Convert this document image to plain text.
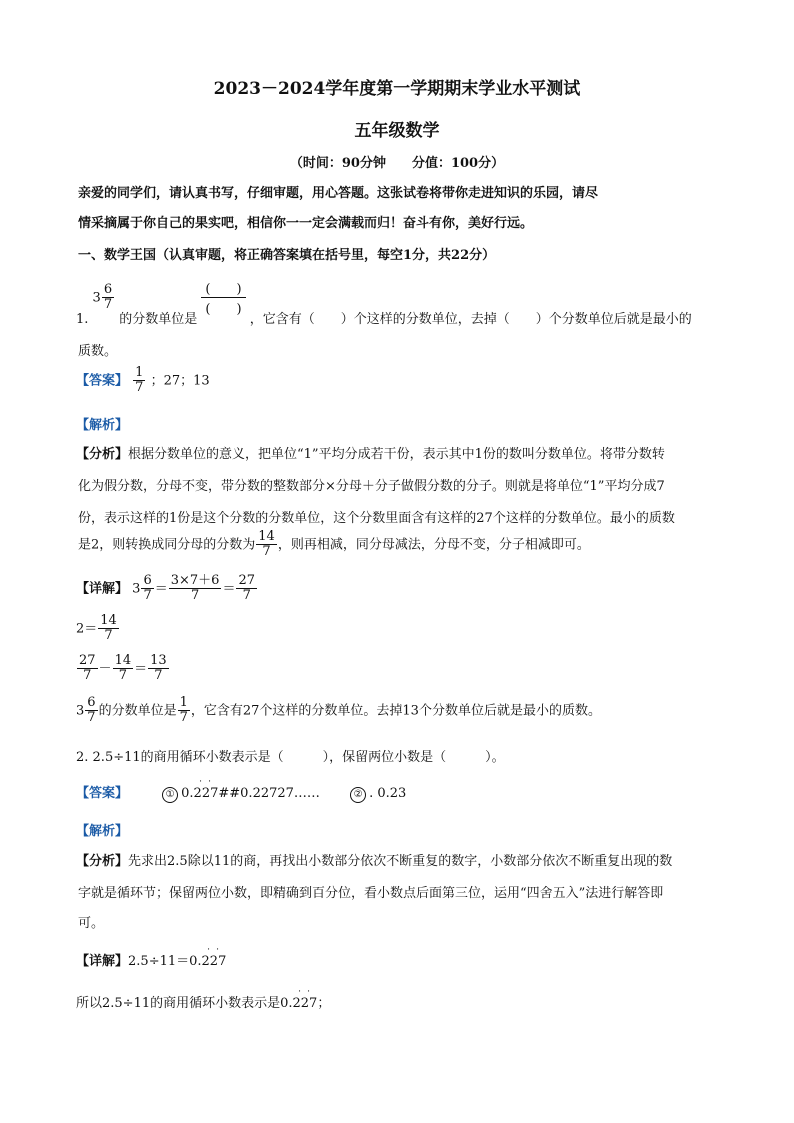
2023－2024学年度第一学期期末学业水平测试
五年级数学
（时间：90分钟　　分值：100分）
亲爱的同学们，请认真书写，仔细审题，用心答题。这张试卷将带你走进知识的乐园，请尽
情采摘属于你自己的果实吧，相信你一一定会满载而归！奋斗有你，美好行远。
一、数学王国（认真审题，将正确答案填在括号里，每空1分，共22分）
1. $3 \frac{6}{7}$
的分数单位是
(　　)
(　　)
，它含有（　　）个这样的分数单位，去掉（　　）个分数单位后就是最小的
质数。
【答案】 $\frac{1}{7}$ ；27；13
【解析】
【分析】根据分数单位的意义，把单位“1”平均分成若干份，表示其中1份的数叫分数单位。将带分数转
化为假分数，分母不变，带分数的整数部分×分母＋分子做假分数的分子。则就是将单位“1”平均分成7
份，表示这样的1份是这个分数的分数单位，这个分数里面含有这样的27个这样的分数单位。最小的质数
是2，则转换成同分母的分数为 $\frac{14}{7}$ ，则再相减，同分母减法，分母不变，分子相减即可。
【详解】 $3 \frac{6}{7} = \frac{3\times 7+6}{7} = \frac{27}{7}$
$2= \frac{14}{7}$
$\frac{27}{7} - \frac{14}{7} = \frac{13}{7}$
$3 \frac{6}{7}$ 的分数单位是 $\frac{1}{7}$ ，它含有27个这样的分数单位。去掉13个分数单位后就是最小的质数。
2. 2.5÷11的商用循环小数表示是（　　　），保留两位小数是（　　　）。
【答案】	① 0.227
· ·
##0.22727……	② . 0.23
【解析】
【分析】先求出2.5除以11的商，再找出小数部分依次不断重复的数字，小数部分依次不断重复出现的数
字就是循环节；保留两位小数，即精确到百分位，看小数点后面第三位，运用“四舍五入”法进行解答即
可。
【详解】2.5÷11＝0.227
· ·
所以2.5÷11的商用循环小数表示是0.227
· ·
；
